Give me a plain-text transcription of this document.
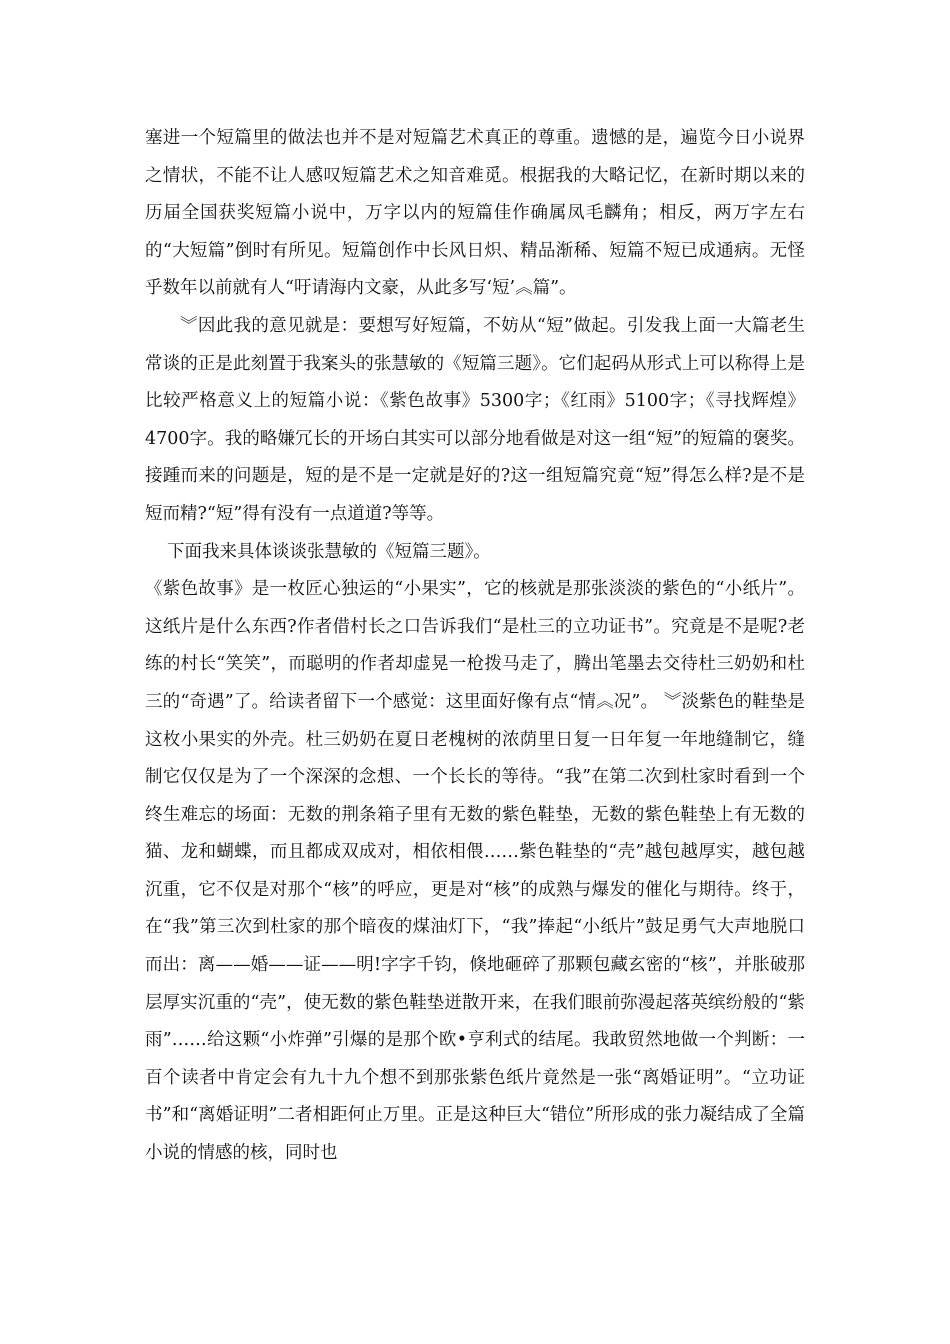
塞进一个短篇里的做法也并不是对短篇艺术真正的尊重。遗憾的是，遍览今日小说界之情状，不能不让人感叹短篇艺术之知音难觅。根据我的大略记忆，在新时期以来的历届全国获奖短篇小说中，万字以内的短篇佳作确属凤毛麟角；相反，两万字左右的“大短篇”倒时有所见。短篇创作中长风日炽、精品渐稀、短篇不短已成通病。无怪乎数年以前就有人“吁请海内文豪，从此多写‘短’︽篇”。

︾因此我的意见就是：要想写好短篇，不妨从“短”做起。引发我上面一大篇老生常谈的正是此刻置于我案头的张慧敏的《短篇三题》。它们起码从形式上可以称得上是比较严格意义上的短篇小说：《紫色故事》5300字；《红雨》5100字；《寻找辉煌》4700字。我的略嫌冗长的开场白其实可以部分地看做是对这一组“短”的短篇的褒奖。接踵而来的问题是，短的是不是一定就是好的?这一组短篇究竟“短”得怎么样?是不是短而精?“短”得有没有一点道道?等等。

下面我来具体谈谈张慧敏的《短篇三题》。

《紫色故事》是一枚匠心独运的“小果实”，它的核就是那张淡淡的紫色的“小纸片”。这纸片是什么东西?作者借村长之口告诉我们“是杜三的立功证书”。究竟是不是呢?老练的村长“笑笑”，而聪明的作者却虚晃一枪拨马走了，腾出笔墨去交待杜三奶奶和杜三的“奇遇”了。给读者留下一个感觉：这里面好像有点“情︽况”。 ︾淡紫色的鞋垫是这枚小果实的外壳。杜三奶奶在夏日老槐树的浓荫里日复一日年复一年地缝制它，缝制它仅仅是为了一个深深的念想、一个长长的等待。“我”在第二次到杜家时看到一个终生难忘的场面：无数的荆条箱子里有无数的紫色鞋垫，无数的紫色鞋垫上有无数的猫、龙和蝴蝶，而且都成双成对，相依相偎……紫色鞋垫的“壳”越包越厚实，越包越沉重，它不仅是对那个“核”的呼应，更是对“核”的成熟与爆发的催化与期待。终于，在“我”第三次到杜家的那个暗夜的煤油灯下，“我”捧起“小纸片”鼓足勇气大声地脱口而出：离——婚——证——明!字字千钧，倏地砸碎了那颗包藏玄密的“核”，并胀破那层厚实沉重的“壳”，使无数的紫色鞋垫迸散开来，在我们眼前弥漫起落英缤纷般的“紫雨”……给这颗“小炸弹”引爆的是那个欧•亨利式的结尾。我敢贸然地做一个判断：一百个读者中肯定会有九十九个想不到那张紫色纸片竟然是一张“离婚证明”。“立功证书”和“离婚证明”二者相距何止万里。正是这种巨大“错位”所形成的张力凝结成了全篇小说的情感的核，同时也
